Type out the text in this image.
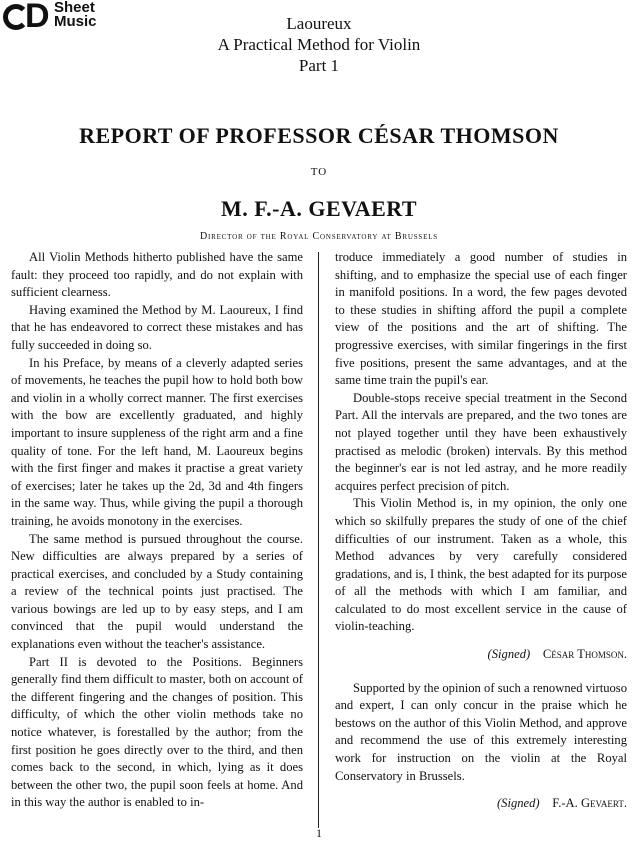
D Sheet
Music	Laoureux
A Practical Method for Violin
Part 1
REPORT OF PROFESSOR CÉSAR THOMSON
TO
M. F.-A. GEVAERT
Director of the Royal Conservatory at Brussels

All Violin Methods hitherto published have the same fault: they proceed too rapidly, and do not explain with sufficient clearness.

Having examined the Method by M. Laoureux, I find that he has endeavored to correct these mistakes and has fully succeeded in doing so.

In his Preface, by means of a cleverly adapted series of movements, he teaches the pupil how to hold both bow and violin in a wholly correct manner. The first exercises with the bow are excellently graduated, and highly important to insure suppleness of the right arm and a fine quality of tone. For the left hand, M. Laoureux begins with the first finger and makes it practise a great variety of exercises; later he takes up the 2d, 3d and 4th fingers in the same way. Thus, while giving the pupil a thorough training, he avoids monotony in the exercises.

The same method is pursued throughout the course. New difficulties are always prepared by a series of practical exercises, and concluded by a Study containing a review of the technical points just practised. The various bowings are led up to by easy steps, and I am convinced that the pupil would understand the explanations even without the teacher's assistance.

Part II is devoted to the Positions. Beginners generally find them difficult to master, both on account of the different fingering and the changes of position. This difficulty, of which the other violin methods take no notice whatever, is forestalled by the author; from the first position he goes directly over to the third, and then comes back to the second, in which, lying as it does between the other two, the pupil soon feels at home. And in this way the author is enabled to in-

troduce immediately a good number of studies in shifting, and to emphasize the special use of each finger in manifold positions. In a word, the few pages devoted to these studies in shifting afford the pupil a complete view of the positions and the art of shifting. The progressive exercises, with similar fingerings in the first five positions, present the same advantages, and at the same time train the pupil's ear.

Double-stops receive special treatment in the Second Part. All the intervals are prepared, and the two tones are not played together until they have been exhaustively practised as melodic (broken) intervals. By this method the beginner's ear is not led astray, and he more readily acquires perfect precision of pitch.

This Violin Method is, in my opinion, the only one which so skilfully prepares the study of one of the chief difficulties of our instrument. Taken as a whole, this Method advances by very carefully considered gradations, and is, I think, the best adapted for its purpose of all the methods with which I am familiar, and calculated to do most excellent service in the cause of violin-teaching.

(Signed) César Thomson.

Supported by the opinion of such a renowned virtuoso and expert, I can only concur in the praise which he bestows on the author of this Violin Method, and approve and recommend the use of this extremely interesting work for instruction on the violin at the Royal Conservatory in Brussels.

(Signed) F.-A. Gevaert.
1
